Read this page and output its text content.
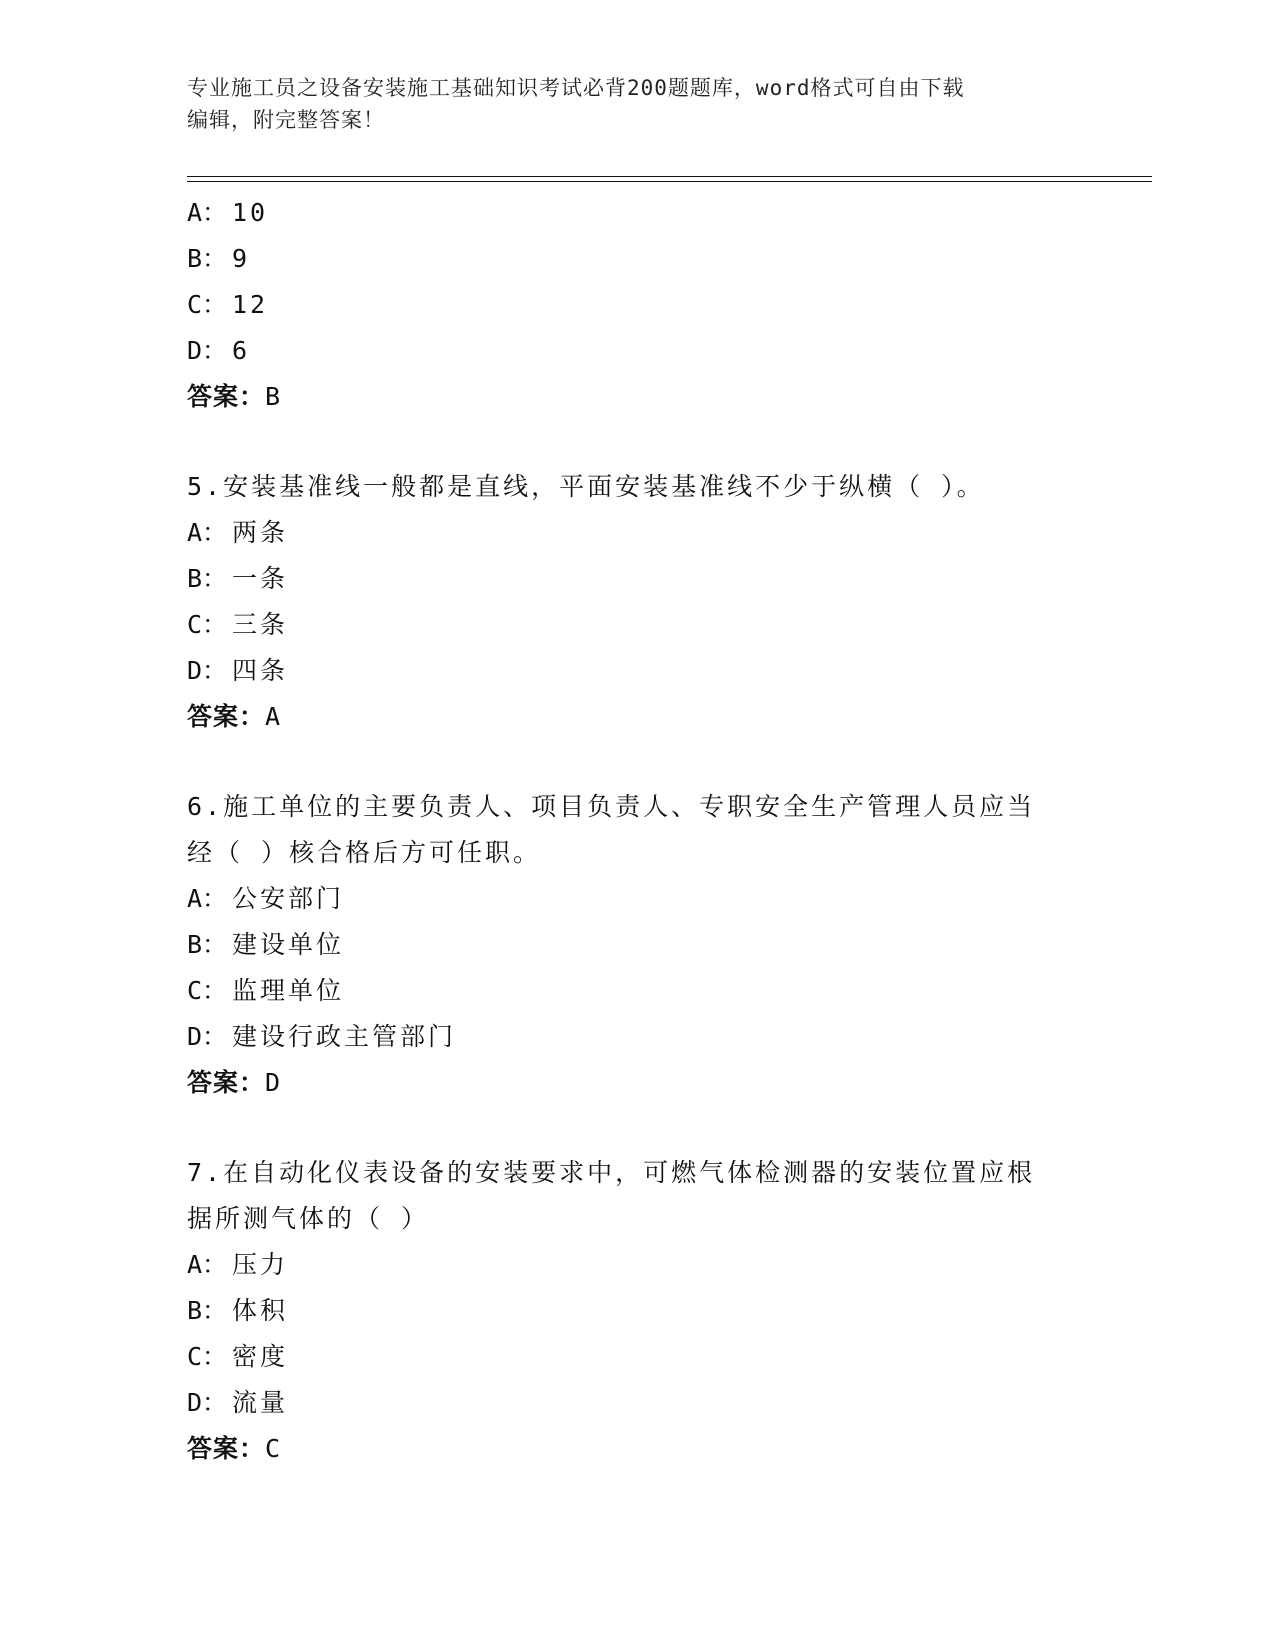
专业施工员之设备安装施工基础知识考试必背200题题库，word格式可自由下载
编辑，附完整答案！
A： 10
B： 9
C： 12
D： 6
答案：B
5.安装基准线一般都是直线，平面安装基准线不少于纵横（ ）。
A： 两条
B： 一条
C： 三条
D： 四条
答案：A
6.施工单位的主要负责人、项目负责人、专职安全生产管理人员应当
经（ ）核合格后方可任职。
A： 公安部门
B： 建设单位
C： 监理单位
D： 建设行政主管部门
答案：D
7.在自动化仪表设备的安装要求中，可燃气体检测器的安装位置应根
据所测气体的（ ）
A： 压力
B： 体积
C： 密度
D： 流量
答案：C
